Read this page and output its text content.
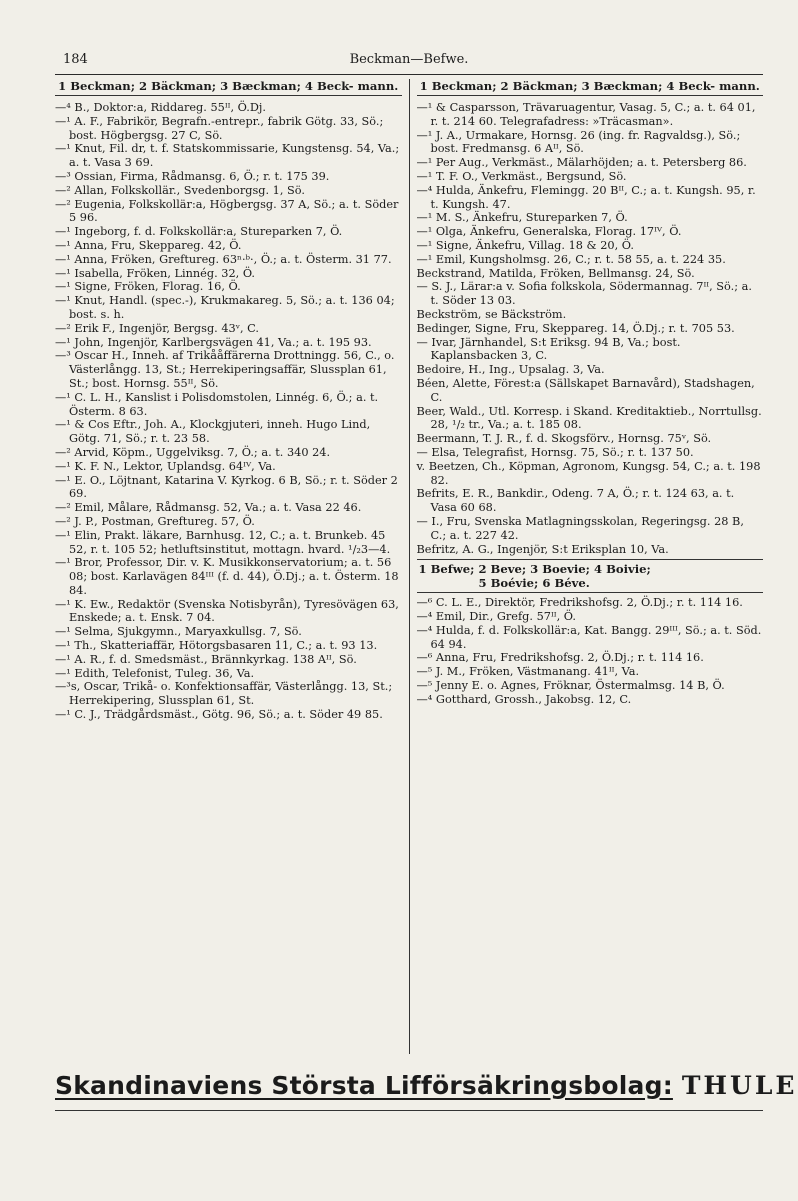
184	Beckman—Befwe.
1 Beckman; 2 Bäckman; 3 Bæckman; 4 Beck- mann.

—⁴ B., Doktor:a, Riddareg. 55ᴵᴵ, Ö.Dj.

—¹ A. F., Fabrikör, Begrafn.-entrepr., fabrik Götg. 33, Sö.; bost. Högbergsg. 27 C, Sö.

—¹ Knut, Fil. dr, t. f. Statskommissarie, Kungstensg. 54, Va.; a. t. Vasa 3 69.

—³ Ossian, Firma, Rådmansg. 6, Ö.; r. t. 175 39.

—² Allan, Folkskollär., Svedenborgsg. 1, Sö.

—² Eugenia, Folkskollär:a, Högbergsg. 37 A, Sö.; a. t. Söder 5 96.

—¹ Ingeborg, f. d. Folkskollär:a, Stureparken 7, Ö.

—¹ Anna, Fru, Skeppareg. 42, Ö.

—¹ Anna, Fröken, Greftureg. 63ⁿ·ᵇ·, Ö.; a. t. Österm. 31 77.

—¹ Isabella, Fröken, Linnég. 32, Ö.

—¹ Signe, Fröken, Florag. 16, Ö.

—¹ Knut, Handl. (spec.-), Krukmakareg. 5, Sö.; a. t. 136 04; bost. s. h.

—² Erik F., Ingenjör, Bergsg. 43ᵛ, C.

—¹ John, Ingenjör, Karlbergsvägen 41, Va.; a. t. 195 93.

—³ Oscar H., Inneh. af Trikååffärerna Drottningg. 56, C., o. Västerlångg. 13, St.; Herrekiperingsaffär, Slussplan 61, St.; bost. Hornsg. 55ᴵᴵ, Sö.

—¹ C. L. H., Kanslist i Polisdomstolen, Linnég. 6, Ö.; a. t. Österm. 8 63.

—¹ & Cos Eftr., Joh. A., Klockgjuteri, inneh. Hugo Lind, Götg. 71, Sö.; r. t. 23 58.

—² Arvid, Köpm., Uggelviksg. 7, Ö.; a. t. 340 24.

—¹ K. F. N., Lektor, Uplandsg. 64ᴵⱽ, Va.

—¹ E. O., Löjtnant, Katarina V. Kyrkog. 6 B, Sö.; r. t. Söder 2 69.

—² Emil, Målare, Rådmansg. 52, Va.; a. t. Vasa 22 46.

—² J. P., Postman, Greftureg. 57, Ö.

—¹ Elin, Prakt. läkare, Barnhusg. 12, C.; a. t. Brunkeb. 45 52, r. t. 105 52; hetluftsinstitut, mottagn. hvard. ¹/₂3—4.

—¹ Bror, Professor, Dir. v. K. Musikkonservatorium; a. t. 56 08; bost. Karlavägen 84ᴵᴵᴵ (f. d. 44), Ö.Dj.; a. t. Österm. 18 84.

—¹ K. Ew., Redaktör (Svenska Notisbyrån), Tyresövägen 63, Enskede; a. t. Ensk. 7 04.

—¹ Selma, Sjukgymn., Maryaxkullsg. 7, Sö.

—¹ Th., Skatteriaffär, Hötorgsbasaren 11, C.; a. t. 93 13.

—¹ A. R., f. d. Smedsmäst., Brännkyrkag. 138 Aᴵᴵ, Sö.

—¹ Edith, Telefonist, Tuleg. 36, Va.

—³s, Oscar, Trikå- o. Konfektionsaffär, Västerlångg. 13, St.; Herrekipering, Slussplan 61, St.

—¹ C. J., Trädgårdsmäst., Götg. 96, Sö.; a. t. Söder 49 85.

1 Beckman; 2 Bäckman; 3 Bæckman; 4 Beck- mann.

—¹ & Casparsson, Trävaruagentur, Vasag. 5, C.; a. t. 64 01, r. t. 214 60. Telegrafadress: »Träcasman».

—¹ J. A., Urmakare, Hornsg. 26 (ing. fr. Ragvaldsg.), Sö.; bost. Fredmansg. 6 Aᴵᴵ, Sö.

—¹ Per Aug., Verkmäst., Mälarhöjden; a. t. Petersberg 86.

—¹ T. F. O., Verkmäst., Bergsund, Sö.

—⁴ Hulda, Änkefru, Flemingg. 20 Bᴵᴵ, C.; a. t. Kungsh. 95, r. t. Kungsh. 47.

—¹ M. S., Änkefru, Stureparken 7, Ö.

—¹ Olga, Änkefru, Generalska, Florag. 17ᴵⱽ, Ö.

—¹ Signe, Änkefru, Villag. 18 & 20, Ö.

—¹ Emil, Kungsholmsg. 26, C.; r. t. 58 55, a. t. 224 35.

Beckstrand, Matilda, Fröken, Bellmansg. 24, Sö.

— S. J., Lärar:a v. Sofia folkskola, Södermannag. 7ᴵᴵ, Sö.; a. t. Söder 13 03.

Beckström, se Bäckström.

Bedinger, Signe, Fru, Skeppareg. 14, Ö.Dj.; r. t. 705 53.

— Ivar, Järnhandel, S:t Eriksg. 94 B, Va.; bost. Kaplansbacken 3, C.

Bedoire, H., Ing., Upsalag. 3, Va.

Béen, Alette, Förest:a (Sällskapet Barnavård), Stadshagen, C.

Beer, Wald., Utl. Korresp. i Skand. Kreditaktieb., Norrtullsg. 28, ¹/₂ tr., Va.; a. t. 185 08.

Beermann, T. J. R., f. d. Skogsförv., Hornsg. 75ᵛ, Sö.

— Elsa, Telegrafist, Hornsg. 75, Sö.; r. t. 137 50.

v. Beetzen, Ch., Köpman, Agronom, Kungsg. 54, C.; a. t. 198 82.

Befrits, E. R., Bankdir., Odeng. 7 A, Ö.; r. t. 124 63, a. t. Vasa 60 68.

— I., Fru, Svenska Matlagningsskolan, Regeringsg. 28 B, C.; a. t. 227 42.

Befritz, A. G., Ingenjör, S:t Eriksplan 10, Va.

1 Befwe; 2 Beve; 3 Boevie; 4 Boivie;
5 Boévie; 6 Béve.

—⁶ C. L. E., Direktör, Fredrikshofsg. 2, Ö.Dj.; r. t. 114 16.

—⁴ Emil, Dir., Grefg. 57ᴵᴵ, Ö.

—⁴ Hulda, f. d. Folkskollär:a, Kat. Bangg. 29ᴵᴵᴵ, Sö.; a. t. Söd. 64 94.

—⁶ Anna, Fru, Fredrikshofsg. 2, Ö.Dj.; r. t. 114 16.

—⁵ J. M., Fröken, Västmanang. 41ᴵᴵ, Va.

—⁵ Jenny E. o. Agnes, Fröknar, Östermalmsg. 14 B, Ö.

—⁴ Gotthard, Grossh., Jakobsg. 12, C.

Skandinaviens Största Lifförsäkringsbolag: THULE
